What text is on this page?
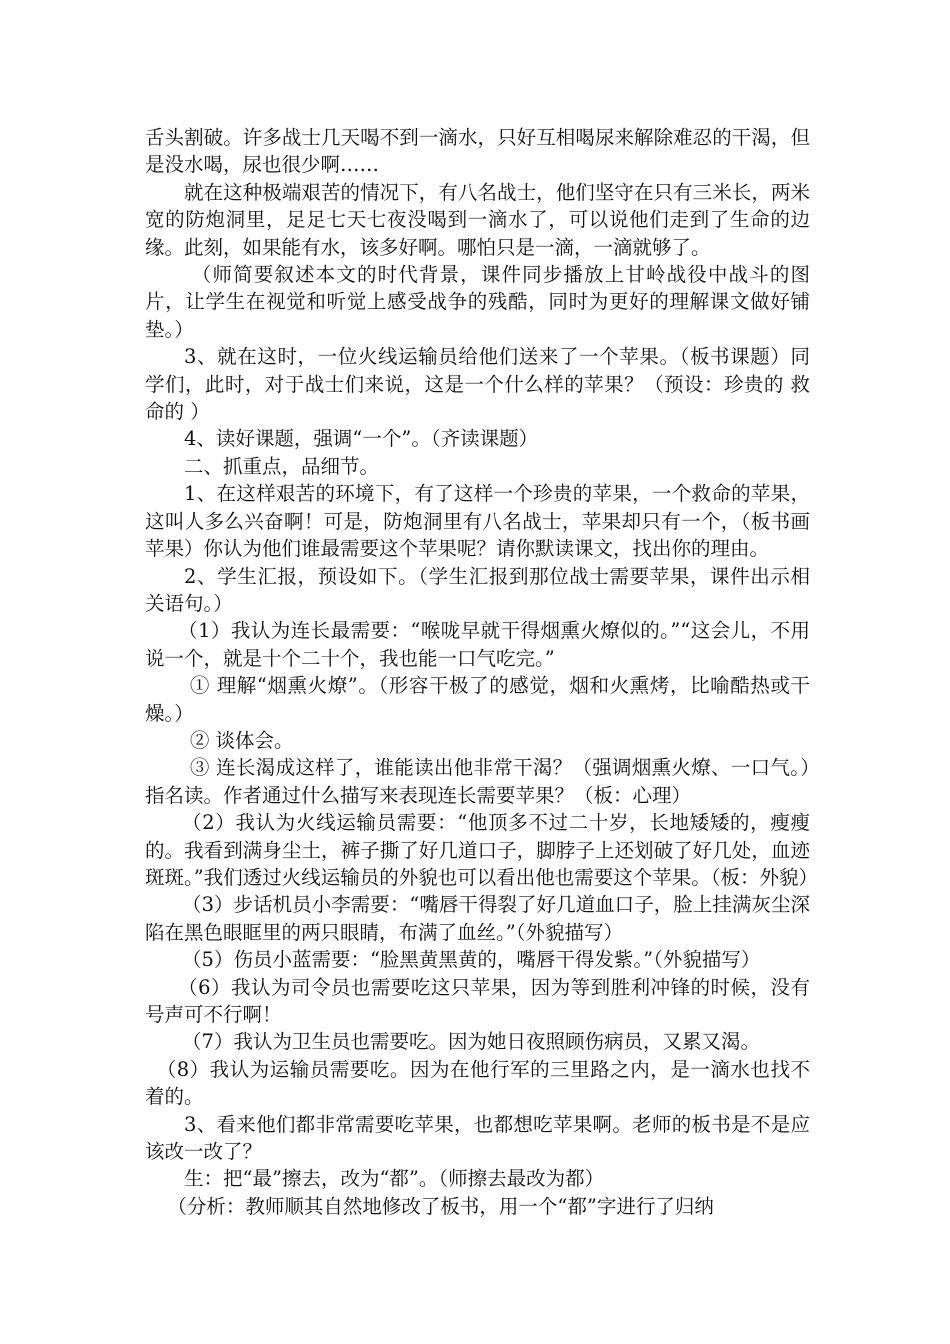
舌头割破。许多战士几天喝不到一滴水，只好互相喝尿来解除难忍的干渴，但是没水喝，尿也很少啊……

就在这种极端艰苦的情况下，有八名战士，他们坚守在只有三米长，两米宽的防炮洞里，足足七天七夜没喝到一滴水了，可以说他们走到了生命的边缘。此刻，如果能有水，该多好啊。哪怕只是一滴，一滴就够了。

（师简要叙述本文的时代背景，课件同步播放上甘岭战役中战斗的图片，让学生在视觉和听觉上感受战争的残酷，同时为更好的理解课文做好铺垫。）

3、就在这时，一位火线运输员给他们送来了一个苹果。（板书课题）同学们，此时，对于战士们来说，这是一个什么样的苹果？（预设：珍贵的 救命的 ）

4、读好课题，强调“一个”。（齐读课题）

二、抓重点，品细节。

1、在这样艰苦的环境下，有了这样一个珍贵的苹果，一个救命的苹果，这叫人多么兴奋啊！可是，防炮洞里有八名战士，苹果却只有一个，（板书画苹果）你认为他们谁最需要这个苹果呢？请你默读课文，找出你的理由。

2、学生汇报，预设如下。（学生汇报到那位战士需要苹果，课件出示相关语句。）

（1）我认为连长最需要：“喉咙早就干得烟熏火燎似的。”“这会儿，不用说一个，就是十个二十个，我也能一口气吃完。”

① 理解“烟熏火燎”。（形容干极了的感觉，烟和火熏烤，比喻酷热或干燥。）

② 谈体会。

③ 连长渴成这样了，谁能读出他非常干渴？（强调烟熏火燎、一口气。）指名读。作者通过什么描写来表现连长需要苹果？（板：心理）

（2）我认为火线运输员需要：“他顶多不过二十岁，长地矮矮的，瘦瘦的。我看到满身尘土，裤子撕了好几道口子，脚脖子上还划破了好几处，血迹斑斑。”我们透过火线运输员的外貌也可以看出他也需要这个苹果。（板：外貌）

（3）步话机员小李需要：“嘴唇干得裂了好几道血口子，脸上挂满灰尘深陷在黑色眼眶里的两只眼睛，布满了血丝。”（外貌描写）

（5）伤员小蓝需要：“脸黑黄黑黄的，嘴唇干得发紫。”（外貌描写）

（6）我认为司令员也需要吃这只苹果，因为等到胜利冲锋的时候，没有号声可不行啊！

（7）我认为卫生员也需要吃。因为她日夜照顾伤病员，又累又渴。

（8）我认为运输员需要吃。因为在他行军的三里路之内，是一滴水也找不着的。

3、看来他们都非常需要吃苹果，也都想吃苹果啊。老师的板书是不是应该改一改了？

生：把“最”擦去，改为“都”。（师擦去最改为都）

（分析：教师顺其自然地修改了板书，用一个“都”字进行了归纳
